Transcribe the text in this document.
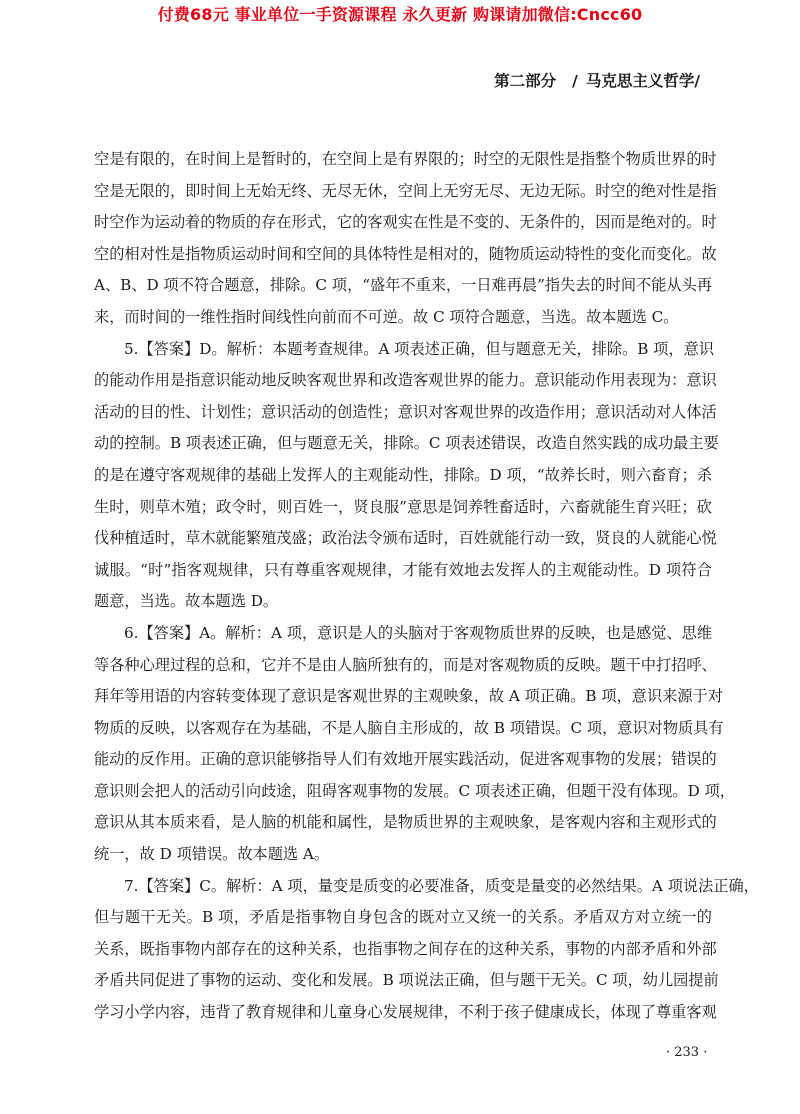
付费68元 事业单位一手资源课程 永久更新 购课请加微信:Cncc60
第二部分 / 马克思主义哲学/
空是有限的，在时间上是暂时的，在空间上是有界限的；时空的无限性是指整个物质世界的时
空是无限的，即时间上无始无终、无尽无休，空间上无穷无尽、无边无际。时空的绝对性是指
时空作为运动着的物质的存在形式，它的客观实在性是不变的、无条件的，因而是绝对的。时
空的相对性是指物质运动时间和空间的具体特性是相对的，随物质运动特性的变化而变化。故
A、B、D 项不符合题意，排除。C 项，“盛年不重来，一日难再晨”指失去的时间不能从头再
来，而时间的一维性指时间线性向前而不可逆。故 C 项符合题意，当选。故本题选 C。
5.【答案】D。解析：本题考查规律。A 项表述正确，但与题意无关，排除。B 项，意识
的能动作用是指意识能动地反映客观世界和改造客观世界的能力。意识能动作用表现为：意识
活动的目的性、计划性；意识活动的创造性；意识对客观世界的改造作用；意识活动对人体活
动的控制。B 项表述正确，但与题意无关，排除。C 项表述错误，改造自然实践的成功最主要
的是在遵守客观规律的基础上发挥人的主观能动性，排除。D 项，“故养长时，则六畜育；杀
生时，则草木殖；政令时，则百姓一，贤良服”意思是饲养牲畜适时，六畜就能生育兴旺；砍
伐种植适时，草木就能繁殖茂盛；政治法令颁布适时，百姓就能行动一致，贤良的人就能心悦
诚服。“时”指客观规律，只有尊重客观规律，才能有效地去发挥人的主观能动性。D 项符合
题意，当选。故本题选 D。
6.【答案】A。解析：A 项，意识是人的头脑对于客观物质世界的反映，也是感觉、思维
等各种心理过程的总和，它并不是由人脑所独有的，而是对客观物质的反映。题干中打招呼、
拜年等用语的内容转变体现了意识是客观世界的主观映象，故 A 项正确。B 项，意识来源于对
物质的反映，以客观存在为基础，不是人脑自主形成的，故 B 项错误。C 项，意识对物质具有
能动的反作用。正确的意识能够指导人们有效地开展实践活动，促进客观事物的发展；错误的
意识则会把人的活动引向歧途，阻碍客观事物的发展。C 项表述正确，但题干没有体现。D 项，
意识从其本质来看，是人脑的机能和属性，是物质世界的主观映象，是客观内容和主观形式的
统一，故 D 项错误。故本题选 A。
7.【答案】C。解析：A 项，量变是质变的必要准备，质变是量变的必然结果。A 项说法正确，
但与题干无关。B 项，矛盾是指事物自身包含的既对立又统一的关系。矛盾双方对立统一的
关系，既指事物内部存在的这种关系，也指事物之间存在的这种关系，事物的内部矛盾和外部
矛盾共同促进了事物的运动、变化和发展。B 项说法正确，但与题干无关。C 项，幼儿园提前
学习小学内容，违背了教育规律和儿童身心发展规律，不利于孩子健康成长，体现了尊重客观
· 233 ·
